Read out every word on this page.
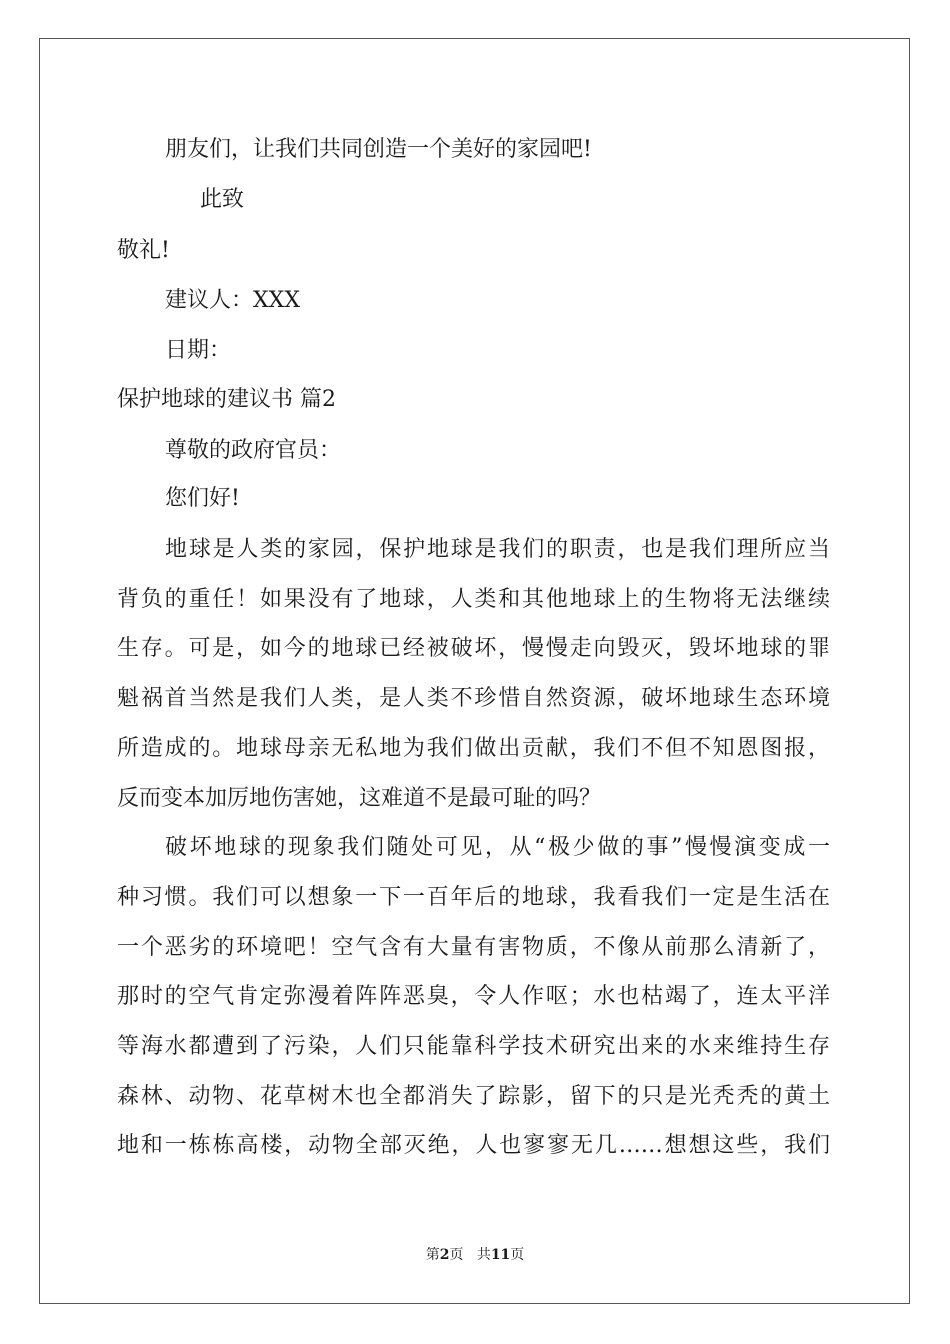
朋友们，让我们共同创造一个美好的家园吧!
此致
敬礼!
建议人：XXX
日期：
保护地球的建议书 篇2
尊敬的政府官员：
您们好!
地球是人类的家园，保护地球是我们的职责，也是我们理所应当
背负的重任！如果没有了地球，人类和其他地球上的生物将无法继续
生存。可是，如今的地球已经被破坏，慢慢走向毁灭，毁坏地球的罪
魁祸首当然是我们人类，是人类不珍惜自然资源，破坏地球生态环境
所造成的。地球母亲无私地为我们做出贡献，我们不但不知恩图报，
反而变本加厉地伤害她，这难道不是最可耻的吗？
破坏地球的现象我们随处可见，从“极少做的事”慢慢演变成一
种习惯。我们可以想象一下一百年后的地球，我看我们一定是生活在
一个恶劣的环境吧！空气含有大量有害物质，不像从前那么清新了，
那时的空气肯定弥漫着阵阵恶臭，令人作呕；水也枯竭了，连太平洋
等海水都遭到了污染，人们只能靠科学技术研究出来的水来维持生存
森林、动物、花草树木也全都消失了踪影，留下的只是光秃秃的黄土
地和一栋栋高楼，动物全部灭绝，人也寥寥无几……想想这些，我们
第2页 共11页
